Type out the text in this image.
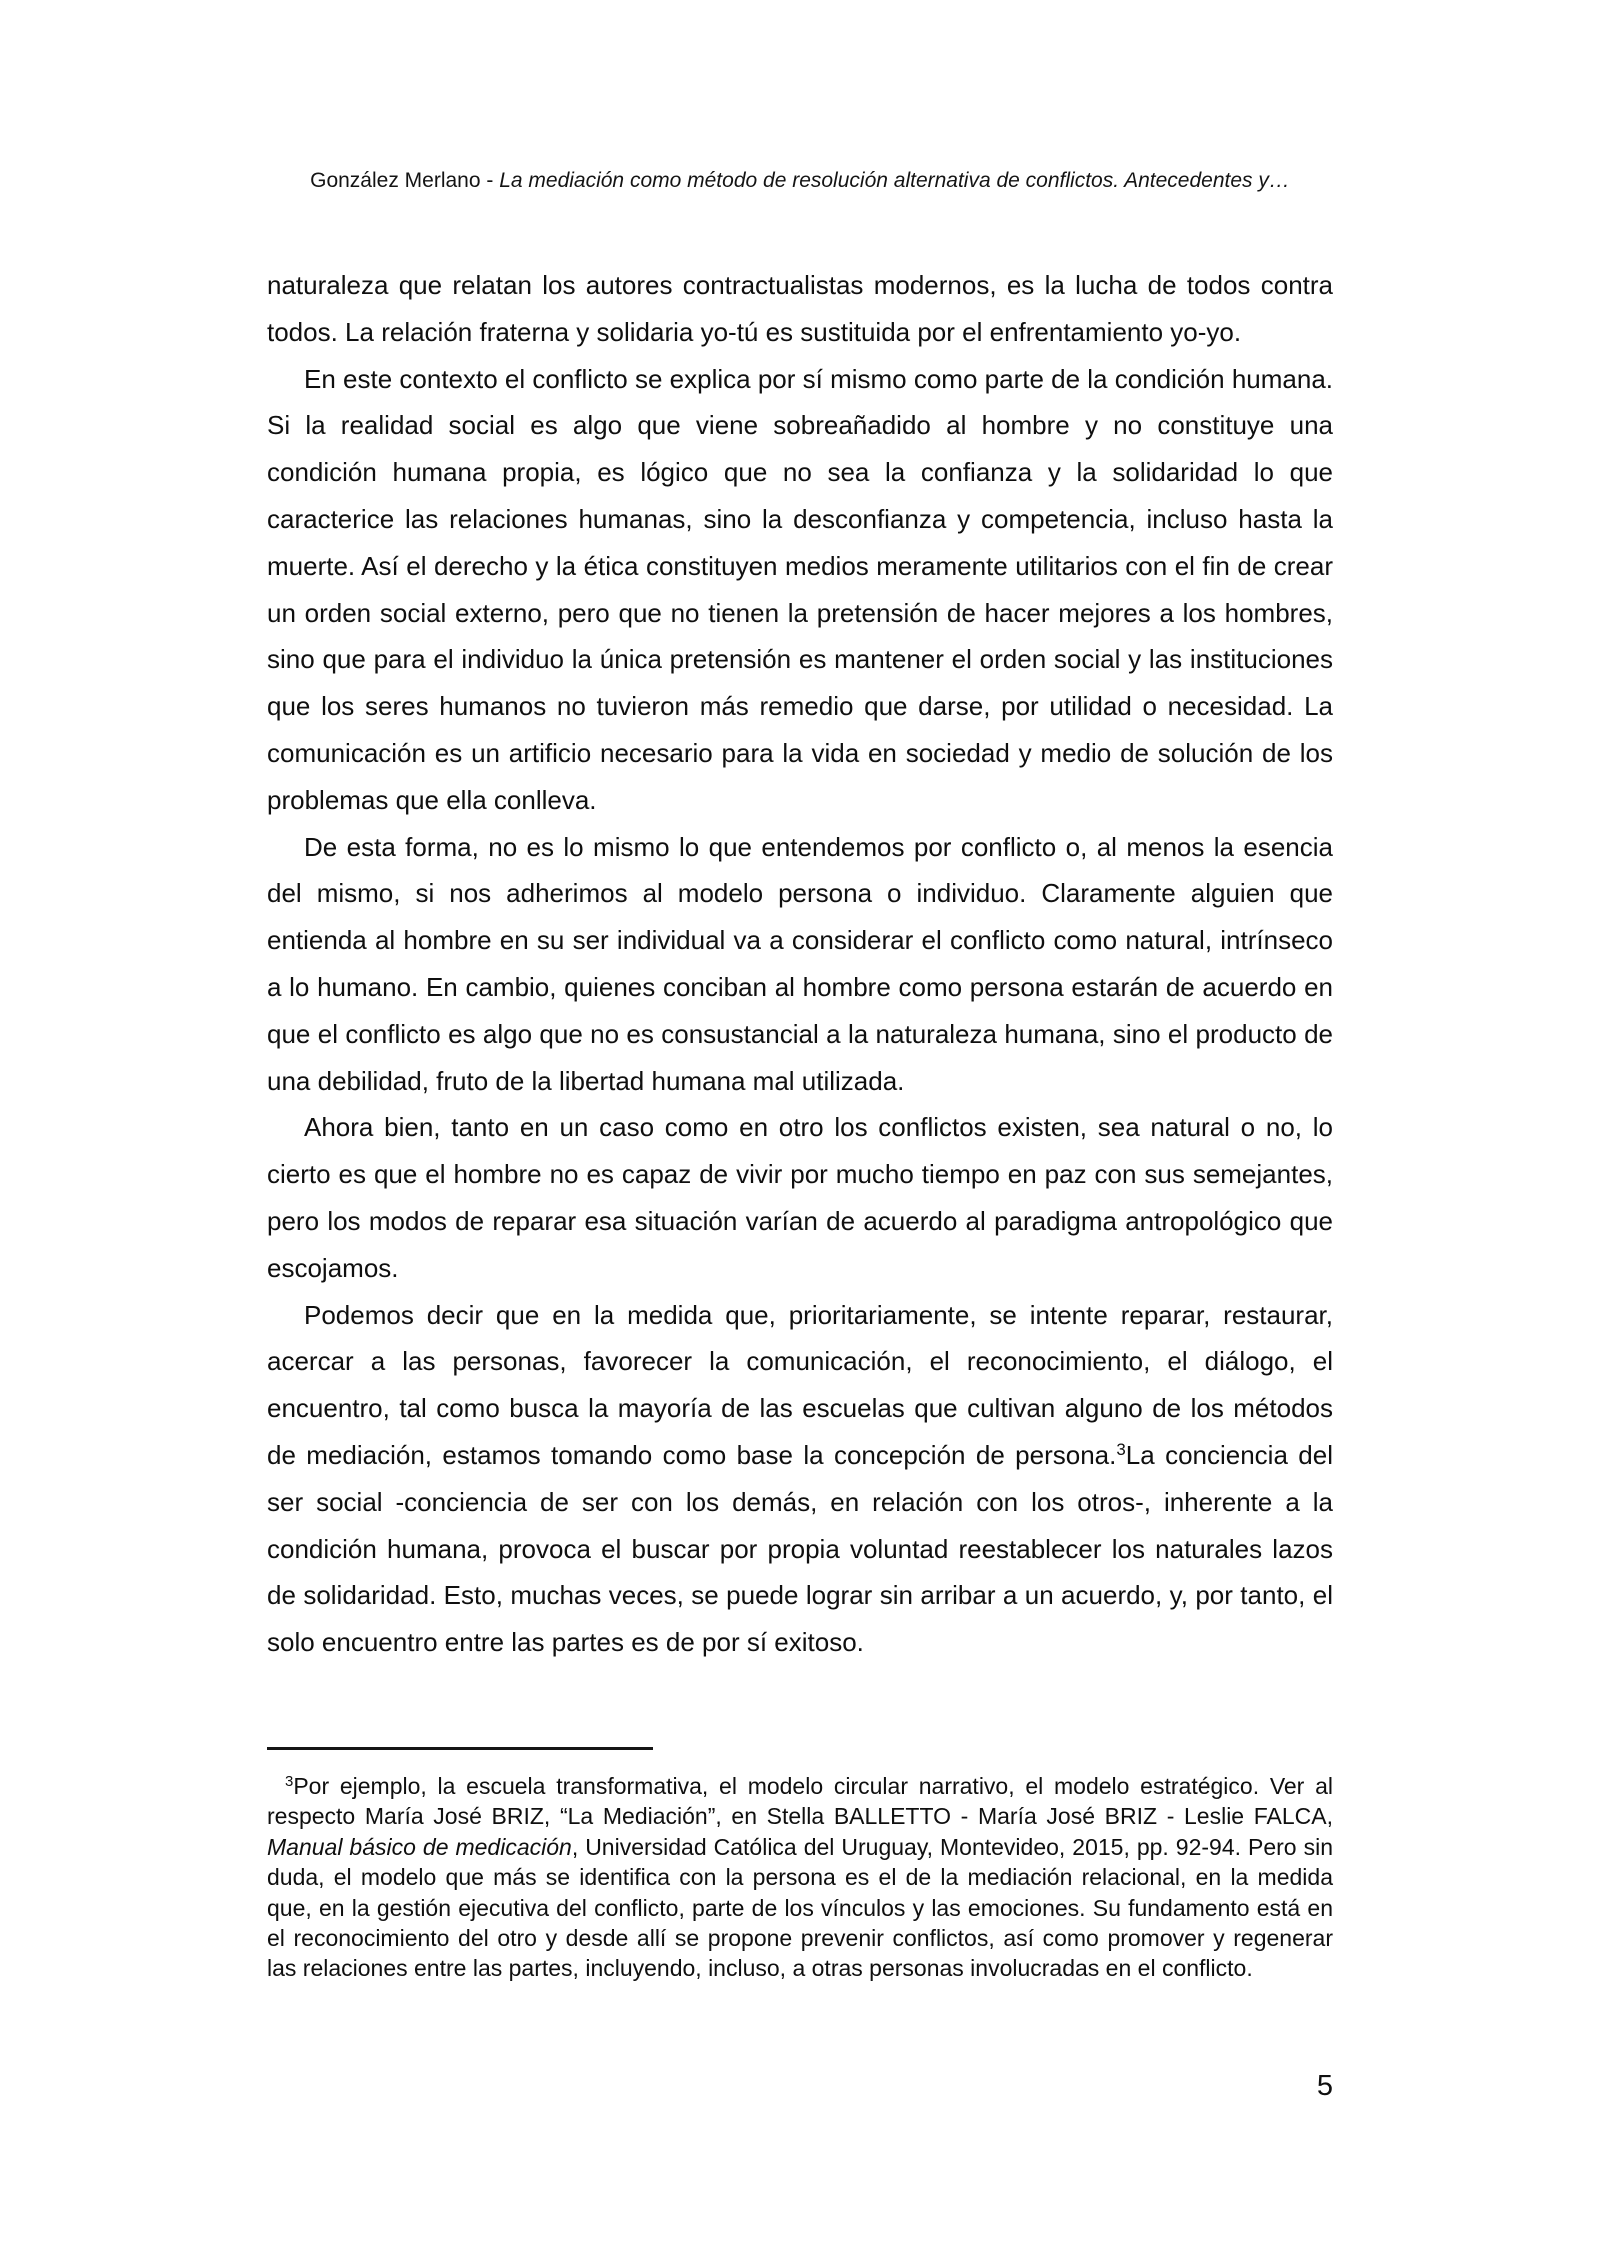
González Merlano - La mediación como método de resolución alternativa de conflictos. Antecedentes y…

naturaleza que relatan los autores contractualistas modernos, es la lucha de todos contra todos. La relación fraterna y solidaria yo-tú es sustituida por el enfrentamiento yo-yo.

En este contexto el conflicto se explica por sí mismo como parte de la condición humana. Si la realidad social es algo que viene sobreañadido al hombre y no constituye una condición humana propia, es lógico que no sea la confianza y la solidaridad lo que caracterice las relaciones humanas, sino la desconfianza y competencia, incluso hasta la muerte. Así el derecho y la ética constituyen medios meramente utilitarios con el fin de crear un orden social externo, pero que no tienen la pretensión de hacer mejores a los hombres, sino que para el individuo la única pretensión es mantener el orden social y las instituciones que los seres humanos no tuvieron más remedio que darse, por utilidad o necesidad. La comunicación es un artificio necesario para la vida en sociedad y medio de solución de los problemas que ella conlleva.

De esta forma, no es lo mismo lo que entendemos por conflicto o, al menos la esencia del mismo, si nos adherimos al modelo persona o individuo. Claramente alguien que entienda al hombre en su ser individual va a considerar el conflicto como natural, intrínseco a lo humano. En cambio, quienes conciban al hombre como persona estarán de acuerdo en que el conflicto es algo que no es consustancial a la naturaleza humana, sino el producto de una debilidad, fruto de la libertad humana mal utilizada.

Ahora bien, tanto en un caso como en otro los conflictos existen, sea natural o no, lo cierto es que el hombre no es capaz de vivir por mucho tiempo en paz con sus semejantes, pero los modos de reparar esa situación varían de acuerdo al paradigma antropológico que escojamos.

Podemos decir que en la medida que, prioritariamente, se intente reparar, restaurar, acercar a las personas, favorecer la comunicación, el reconocimiento, el diálogo, el encuentro, tal como busca la mayoría de las escuelas que cultivan alguno de los métodos de mediación, estamos tomando como base la concepción de persona.$^3$La conciencia del ser social -conciencia de ser con los demás, en relación con los otros-, inherente a la condición humana, provoca el buscar por propia voluntad reestablecer los naturales lazos de solidaridad. Esto, muchas veces, se puede lograr sin arribar a un acuerdo, y, por tanto, el solo encuentro entre las partes es de por sí exitoso.

$^3$Por ejemplo, la escuela transformativa, el modelo circular narrativo, el modelo estratégico. Ver al respecto María José BRIZ, “La Mediación”, en Stella BALLETTO - María José BRIZ - Leslie FALCA, Manual básico de medicación, Universidad Católica del Uruguay, Montevideo, 2015, pp. 92-94. Pero sin duda, el modelo que más se identifica con la persona es el de la mediación relacional, en la medida que, en la gestión ejecutiva del conflicto, parte de los vínculos y las emociones. Su fundamento está en el reconocimiento del otro y desde allí se propone prevenir conflictos, así como promover y regenerar las relaciones entre las partes, incluyendo, incluso, a otras personas involucradas en el conflicto.
5
